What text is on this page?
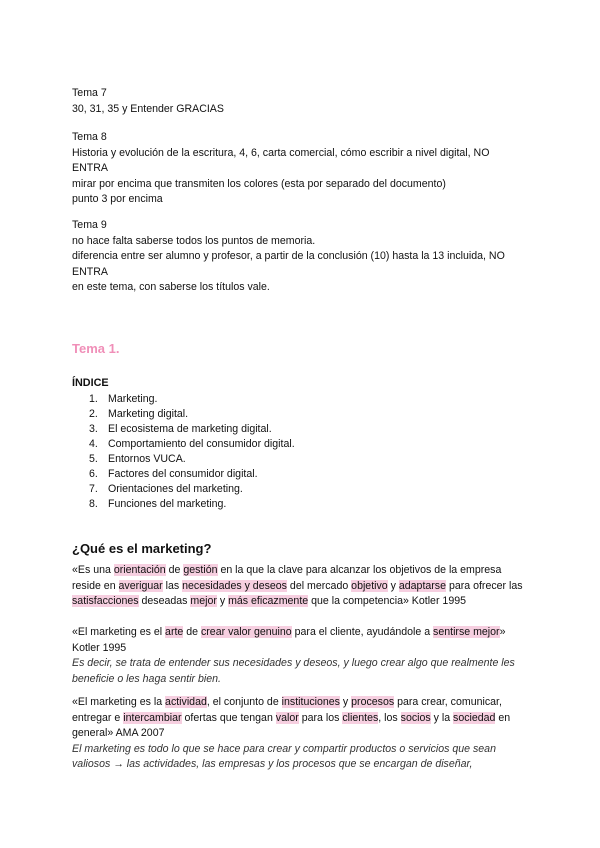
Tema 7

30, 31, 35 y Entender GRACIAS

Tema 8

Historia y evolución de la escritura, 4, 6, carta comercial, cómo escribir a nivel digital, NO

ENTRA

mirar por encima que transmiten los colores (esta por separado del documento)

punto 3 por encima

Tema 9

no hace falta saberse todos los puntos de memoria.

diferencia entre ser alumno y profesor, a partir de la conclusión (10) hasta la 13 incluida, NO

ENTRA

en este tema, con saberse los títulos vale.

Tema 1.
ÍNDICE
1. Marketing.
2. Marketing digital.
3. El ecosistema de marketing digital.
4. Comportamiento del consumidor digital.
5. Entornos VUCA.
6. Factores del consumidor digital.
7. Orientaciones del marketing.
8. Funciones del marketing.
¿Qué es el marketing?

«Es una orientación de gestión en la que la clave para alcanzar los objetivos de la empresa reside en averiguar las necesidades y deseos del mercado objetivo y adaptarse para ofrecer las satisfacciones deseadas mejor y más eficazmente que la competencia» Kotler 1995

«El marketing es el arte de crear valor genuino para el cliente, ayudándole a sentirse mejor» Kotler 1995

Es decir, se trata de entender sus necesidades y deseos, y luego crear algo que realmente les beneficie o les haga sentir bien.

«El marketing es la actividad, el conjunto de instituciones y procesos para crear, comunicar, entregar e intercambiar ofertas que tengan valor para los clientes, los socios y la sociedad en general» AMA 2007

El marketing es todo lo que se hace para crear y compartir productos o servicios que sean valiosos → las actividades, las empresas y los procesos que se encargan de diseñar,
